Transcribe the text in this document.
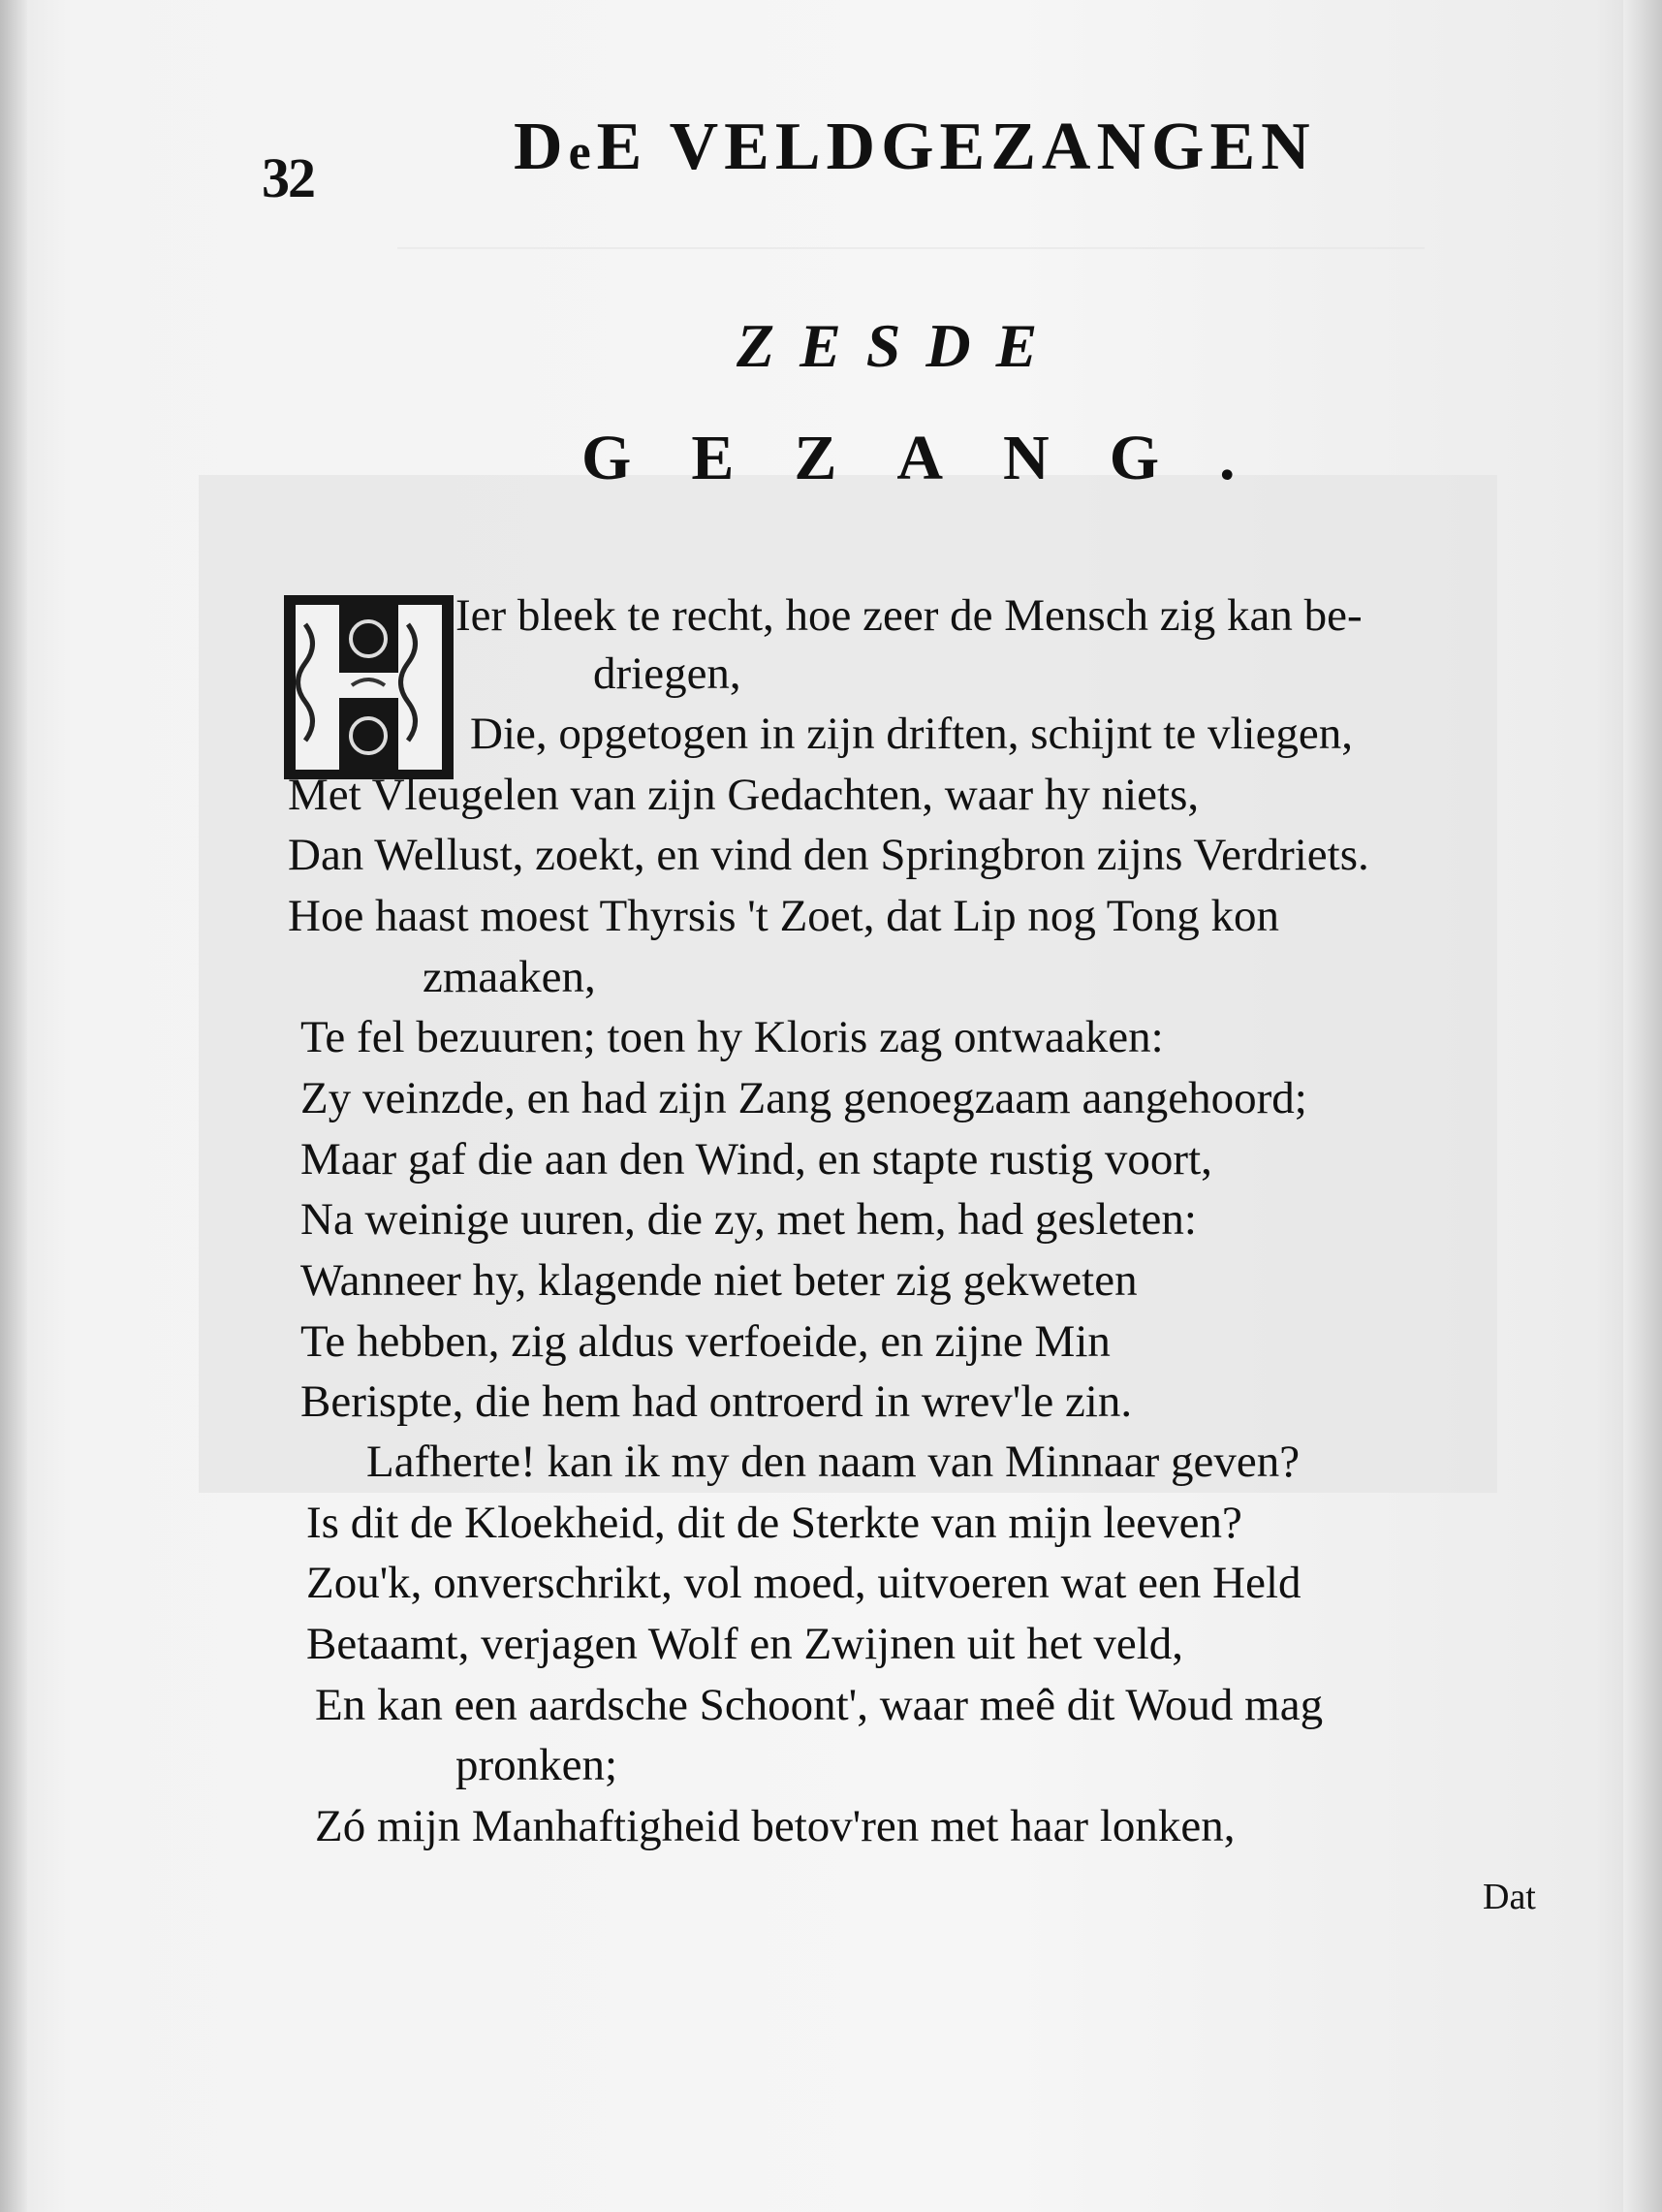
32	DeE VELDGEZANGEN
ZESDE
GEZANG.
Ier bleek te recht, hoe zeer de Mensch zig kan be-
driegen,
Die, opgetogen in zijn driften, schijnt te vliegen,
Met Vleugelen van zijn Gedachten, waar hy niets,
Dan Wellust, zoekt, en vind den Springbron zijns Verdriets.
Hoe haast moest Thyrsis 't Zoet, dat Lip nog Tong kon
zmaaken,
Te fel bezuuren; toen hy Kloris zag ontwaaken:
Zy veinzde, en had zijn Zang genoegzaam aangehoord;
Maar gaf die aan den Wind, en stapte rustig voort,
Na weinige uuren, die zy, met hem, had gesleten:
Wanneer hy, klagende niet beter zig gekweten
Te hebben, zig aldus verfoeide, en zijne Min
Berispte, die hem had ontroerd in wrev'le zin.
Lafherte! kan ik my den naam van Minnaar geven?
Is dit de Kloekheid, dit de Sterkte van mijn leeven?
Zou'k, onverschrikt, vol moed, uitvoeren wat een Held
Betaamt, verjagen Wolf en Zwijnen uit het veld,
En kan een aardsche Schoont', waar meê dit Woud mag
pronken;
Zó mijn Manhaftigheid betov'ren met haar lonken,
Dat
